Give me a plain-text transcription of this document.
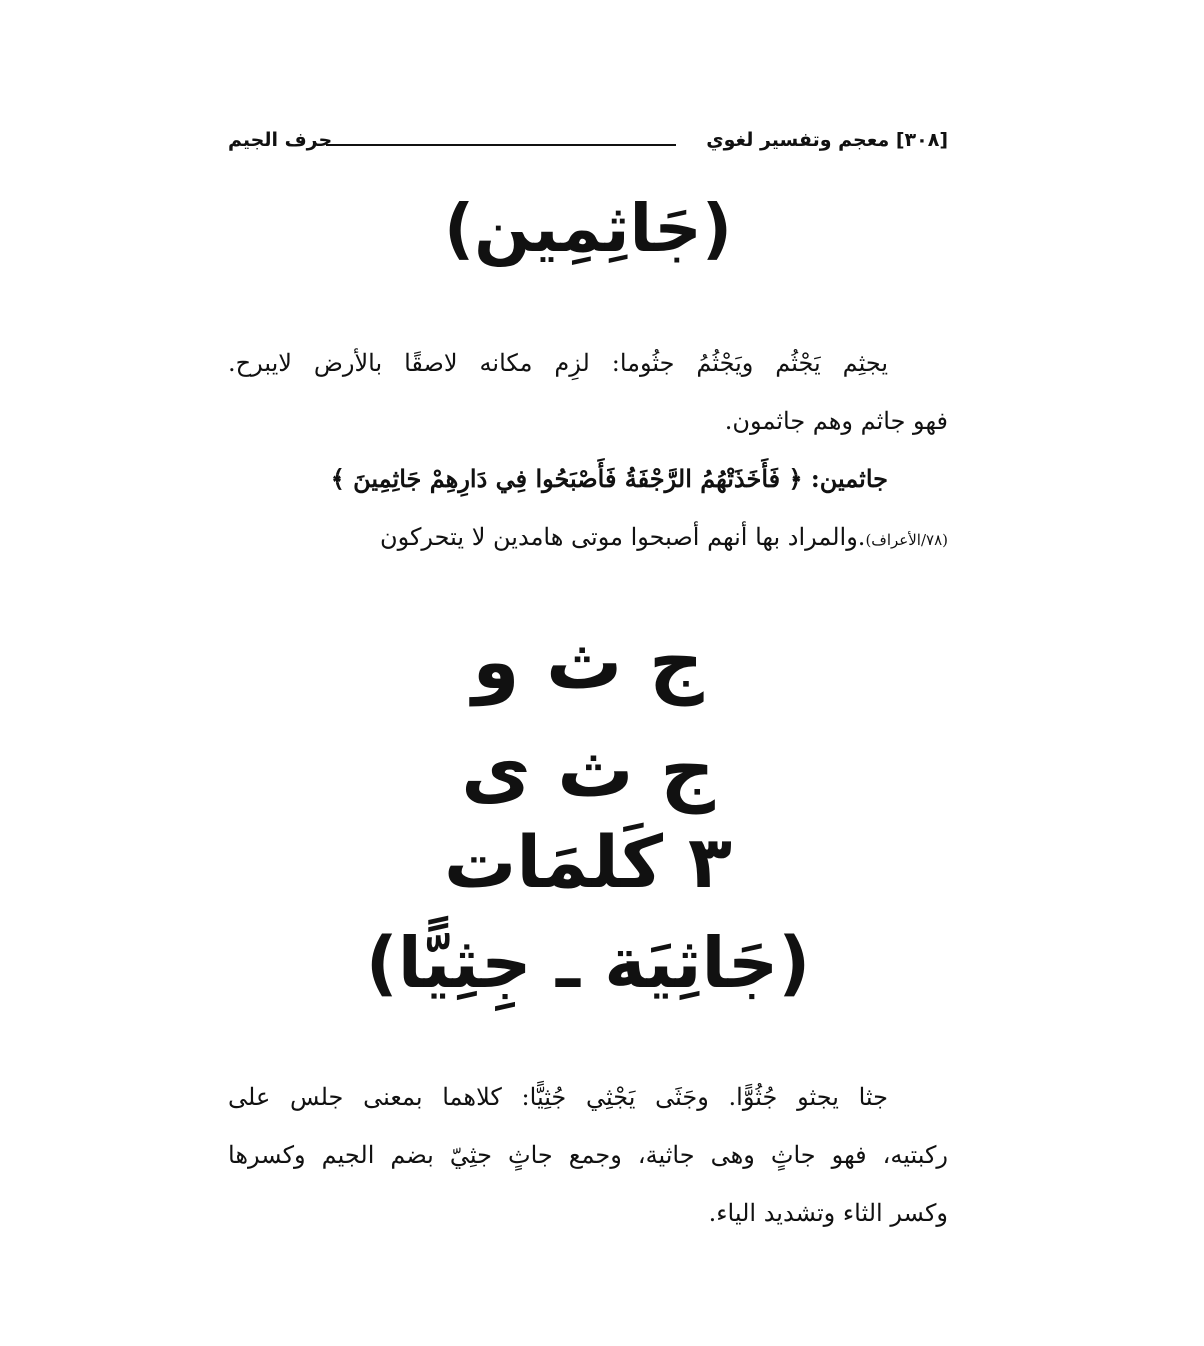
[٣٠٨] معجم وتفسير لغوي
حرف الجيم
(جَاثِمِين)
يجثِم يَجْثُم ويَجْثُمُ جثُوما: لزِم مكانه لاصقًا بالأرض لايبرح.
فهو جاثم وهم جاثمون.
جاثمين: ﴿ فَأَخَذَتْهُمُ الرَّجْفَةُ فَأَصْبَحُوا فِي دَارِهِمْ جَاثِمِينَ ﴾
(٧٨/الأعراف).والمراد بها أنهم أصبحوا موتى هامدين لا يتحركون
ج ث و
ج ث ى
٣ كَلمَات
(جَاثِيَة ـ جِثِيًّا)
جثا يجثو جُثُوًّا. وجَثَى يَجْثِي جُثِيًّا: كلاهما بمعنى جلس على
ركبتيه، فهو جاثٍ وهى جاثية، وجمع جاثٍ جثِيّ بضم الجيم وكسرها
وكسر الثاء وتشديد الياء.
